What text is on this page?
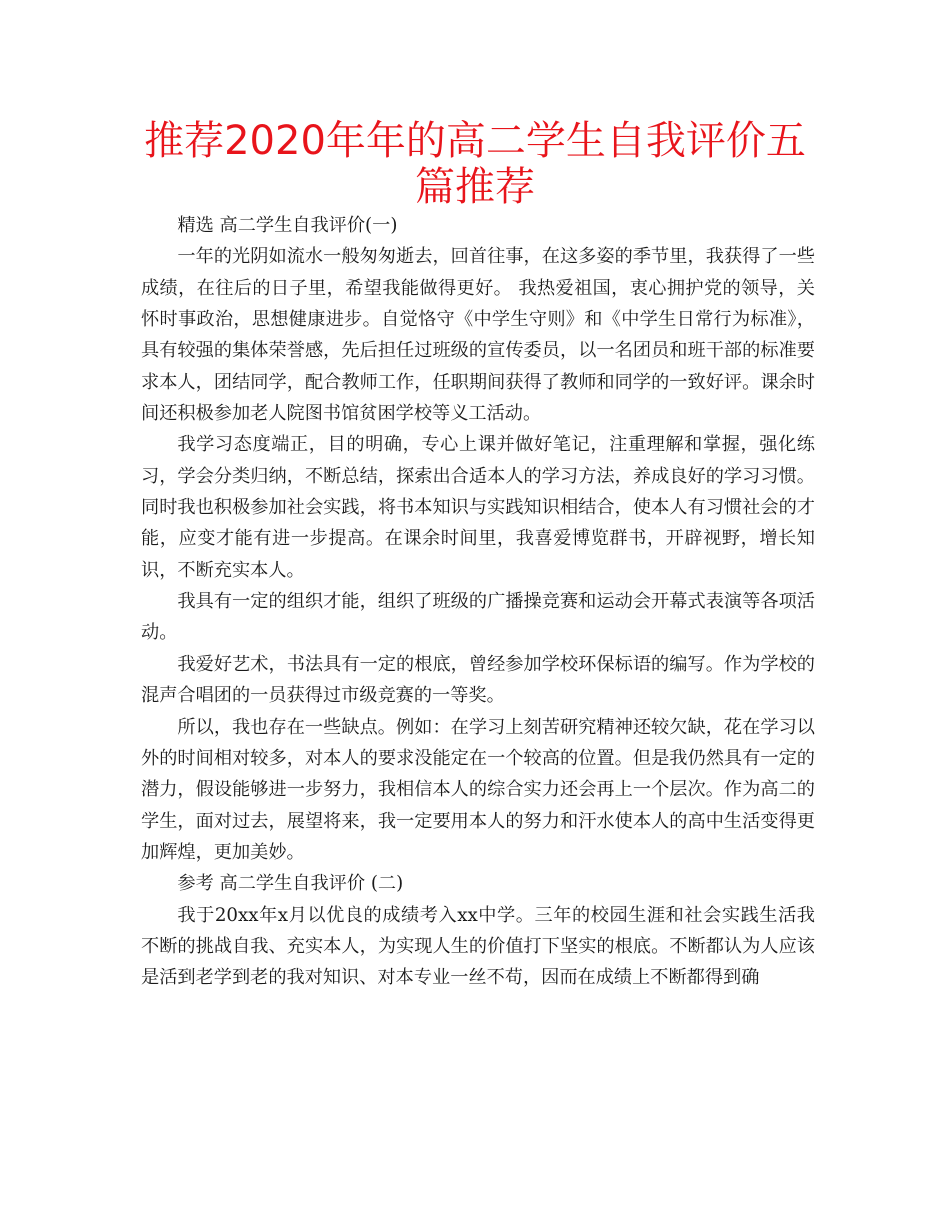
推荐2020年年的高二学生自我评价五篇推荐

精选 高二学生自我评价(一)

一年的光阴如流水一般匆匆逝去，回首往事，在这多姿的季节里，我获得了一些成绩，在往后的日子里，希望我能做得更好。 我热爱祖国，衷心拥护党的领导，关怀时事政治，思想健康进步。自觉恪守《中学生守则》和《中学生日常行为标准》，具有较强的集体荣誉感，先后担任过班级的宣传委员，以一名团员和班干部的标准要求本人，团结同学，配合教师工作，任职期间获得了教师和同学的一致好评。课余时间还积极参加老人院图书馆贫困学校等义工活动。

我学习态度端正，目的明确，专心上课并做好笔记，注重理解和掌握，强化练习，学会分类归纳，不断总结，探索出合适本人的学习方法，养成良好的学习习惯。同时我也积极参加社会实践，将书本知识与实践知识相结合，使本人有习惯社会的才能，应变才能有进一步提高。在课余时间里，我喜爱博览群书，开辟视野，增长知识，不断充实本人。

我具有一定的组织才能，组织了班级的广播操竞赛和运动会开幕式表演等各项活动。

我爱好艺术，书法具有一定的根底，曾经参加学校环保标语的编写。作为学校的混声合唱团的一员获得过市级竞赛的一等奖。

所以，我也存在一些缺点。例如：在学习上刻苦研究精神还较欠缺，花在学习以外的时间相对较多，对本人的要求没能定在一个较高的位置。但是我仍然具有一定的潜力，假设能够进一步努力，我相信本人的综合实力还会再上一个层次。作为高二的学生，面对过去，展望将来，我一定要用本人的努力和汗水使本人的高中生活变得更加辉煌，更加美妙。

参考 高二学生自我评价 (二)

我于20xx年x月以优良的成绩考入xx中学。三年的校园生涯和社会实践生活我不断的挑战自我、充实本人，为实现人生的价值打下坚实的根底。不断都认为人应该是活到老学到老的我对知识、对本专业一丝不苟，因而在成绩上不断都得到确
